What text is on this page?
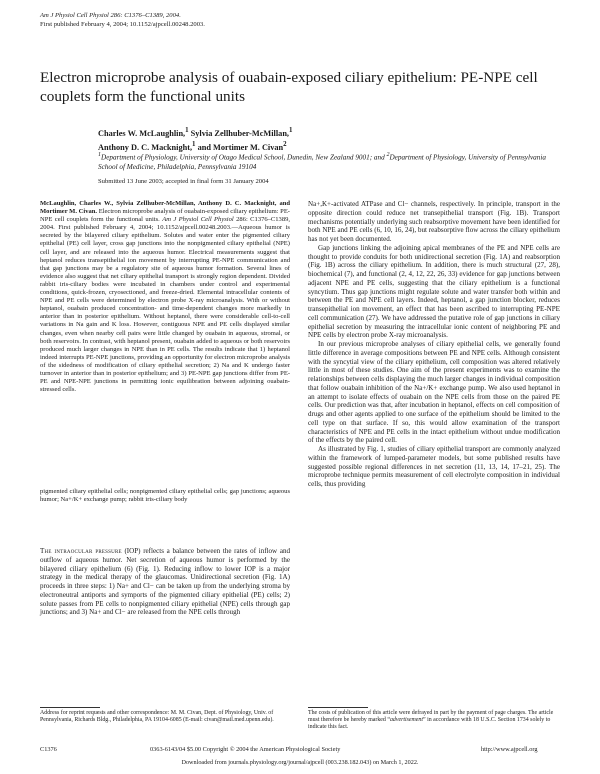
Am J Physiol Cell Physiol 286: C1376–C1389, 2004.
First published February 4, 2004; 10.1152/ajpcell.00248.2003.
Electron microprobe analysis of ouabain-exposed ciliary epithelium: PE-NPE cell couplets form the functional units
Charles W. McLaughlin,$^1$ Sylvia Zellhuber-McMillan,$^1$
Anthony D. C. Macknight,$^1$ and Mortimer M. Civan$^2$
$^1$Department of Physiology, University of Otago Medical School, Dunedin, New Zealand 9001; and $^2$Department of Physiology, University of Pennsylvania School of Medicine, Philadelphia, Pennsylvania 19104
Submitted 13 June 2003; accepted in final form 31 January 2004

McLaughlin, Charles W., Sylvia Zellhuber-McMillan, Anthony D. C. Macknight, and Mortimer M. Civan. Electron microprobe analysis of ouabain-exposed ciliary epithelium: PE-NPE cell couplets form the functional units. Am J Physiol Cell Physiol 286: C1376–C1389, 2004. First published February 4, 2004; 10.1152/ajpcell.00248.2003.—Aqueous humor is secreted by the bilayered ciliary epithelium. Solutes and water enter the pigmented ciliary epithelial (PE) cell layer, cross gap junctions into the nonpigmented ciliary epithelial (NPE) cell layer, and are released into the aqueous humor. Electrical measurements suggest that heptanol reduces transepithelial ion movement by interrupting PE-NPE communication and that gap junctions may be a regulatory site of aqueous humor formation. Several lines of evidence also suggest that net ciliary epithelial transport is strongly region dependent. Divided rabbit iris-ciliary bodies were incubated in chambers under control and experimental conditions, quick-frozen, cryosectioned, and freeze-dried. Elemental intracellular contents of NPE and PE cells were determined by electron probe X-ray microanalysis. With or without heptanol, ouabain produced concentration- and time-dependent changes more markedly in anterior than in posterior epithelium. Without heptanol, there were considerable cell-to-cell variations in Na gain and K loss. However, contiguous NPE and PE cells displayed similar changes, even when nearby cell pairs were little changed by ouabain in aqueous, stromal, or both reservoirs. In contrast, with heptanol present, ouabain added to aqueous or both reservoirs produced much larger changes in NPE than in PE cells. The results indicate that 1) heptanol indeed interrupts PE-NPE junctions, providing an opportunity for electron microprobe analysis of the sidedness of modification of ciliary epithelial secretion; 2) Na and K undergo faster turnover in anterior than in posterior epithelium; and 3) PE-NPE gap junctions differ from PE-PE and NPE-NPE junctions in permitting ionic equilibration between adjoining ouabain-stressed cells.

pigmented ciliary epithelial cells; nonpigmented ciliary epithelial cells; gap junctions; aqueous humor; Na+/K+ exchange pump; rabbit iris-ciliary body

The intraocular pressure (IOP) reflects a balance between the rates of inflow and outflow of aqueous humor. Net secretion of aqueous humor is performed by the bilayered ciliary epithelium (6) (Fig. 1). Reducing inflow to lower IOP is a major strategy in the medical therapy of the glaucomas. Unidirectional secretion (Fig. 1A) proceeds in three steps: 1) Na+ and Cl− can be taken up from the underlying stroma by electroneutral antiports and symports of the pigmented ciliary epithelial (PE) cells; 2) solute passes from PE cells to nonpigmented ciliary epithelial (NPE) cells through gap junctions; and 3) Na+ and Cl− are released from the NPE cells through

Na+,K+-activated ATPase and Cl− channels, respectively. In principle, transport in the opposite direction could reduce net transepithelial transport (Fig. 1B). Transport mechanisms potentially underlying such reabsorptive movement have been identified for both NPE and PE cells (6, 10, 16, 24), but reabsorptive flow across the ciliary epithelium has not yet been documented.

Gap junctions linking the adjoining apical membranes of the PE and NPE cells are thought to provide conduits for both unidirectional secretion (Fig. 1A) and reabsorption (Fig. 1B) across the ciliary epithelium. In addition, there is much structural (27, 28), biochemical (7), and functional (2, 4, 12, 22, 26, 33) evidence for gap junctions between adjacent NPE and PE cells, suggesting that the ciliary epithelium is a functional syncytium. Thus gap junctions might regulate solute and water transfer both within and between the PE and NPE cell layers. Indeed, heptanol, a gap junction blocker, reduces transepithelial ion movement, an effect that has been ascribed to interrupting PE-NPE cell communication (27). We have addressed the putative role of gap junctions in ciliary epithelial secretion by measuring the intracellular ionic content of neighboring PE and NPE cells by electron probe X-ray microanalysis.

In our previous microprobe analyses of ciliary epithelial cells, we generally found little difference in average compositions between PE and NPE cells. Although consistent with the syncytial view of the ciliary epithelium, cell composition was altered relatively little in most of these studies. One aim of the present experiments was to examine the relationships between cells displaying the much larger changes in individual composition that follow ouabain inhibition of the Na+/K+ exchange pump. We also used heptanol in an attempt to isolate effects of ouabain on the NPE cells from those on the paired PE cells. Our prediction was that, after incubation in heptanol, effects on cell composition of drugs and other agents applied to one surface of the epithelium should be limited to the cell type on that surface. If so, this would allow examination of the transport characteristics of NPE and PE cells in the intact epithelium without undue modification of the effects by the paired cell.

As illustrated by Fig. 1, studies of ciliary epithelial transport are commonly analyzed within the framework of lumped-parameter models, but some published results have suggested possible regional differences in net secretion (11, 13, 14, 17–21, 25). The microprobe technique permits measurement of cell electrolyte composition in individual cells, thus providing

Address for reprint requests and other correspondence: M. M. Civan, Dept. of Physiology, Univ. of Pennsylvania, Richards Bldg., Philadelphia, PA 19104-6085 (E-mail: civan@mail.med.upenn.edu).
The costs of publication of this article were defrayed in part by the payment of page charges. The article must therefore be hereby marked “advertisement” in accordance with 18 U.S.C. Section 1734 solely to indicate this fact.
C1376	0363-6143/04 $5.00 Copyright © 2004 the American Physiological Society	http://www.ajpcell.org
Downloaded from journals.physiology.org/journal/ajpcell (003.238.182.043) on March 1, 2022.
